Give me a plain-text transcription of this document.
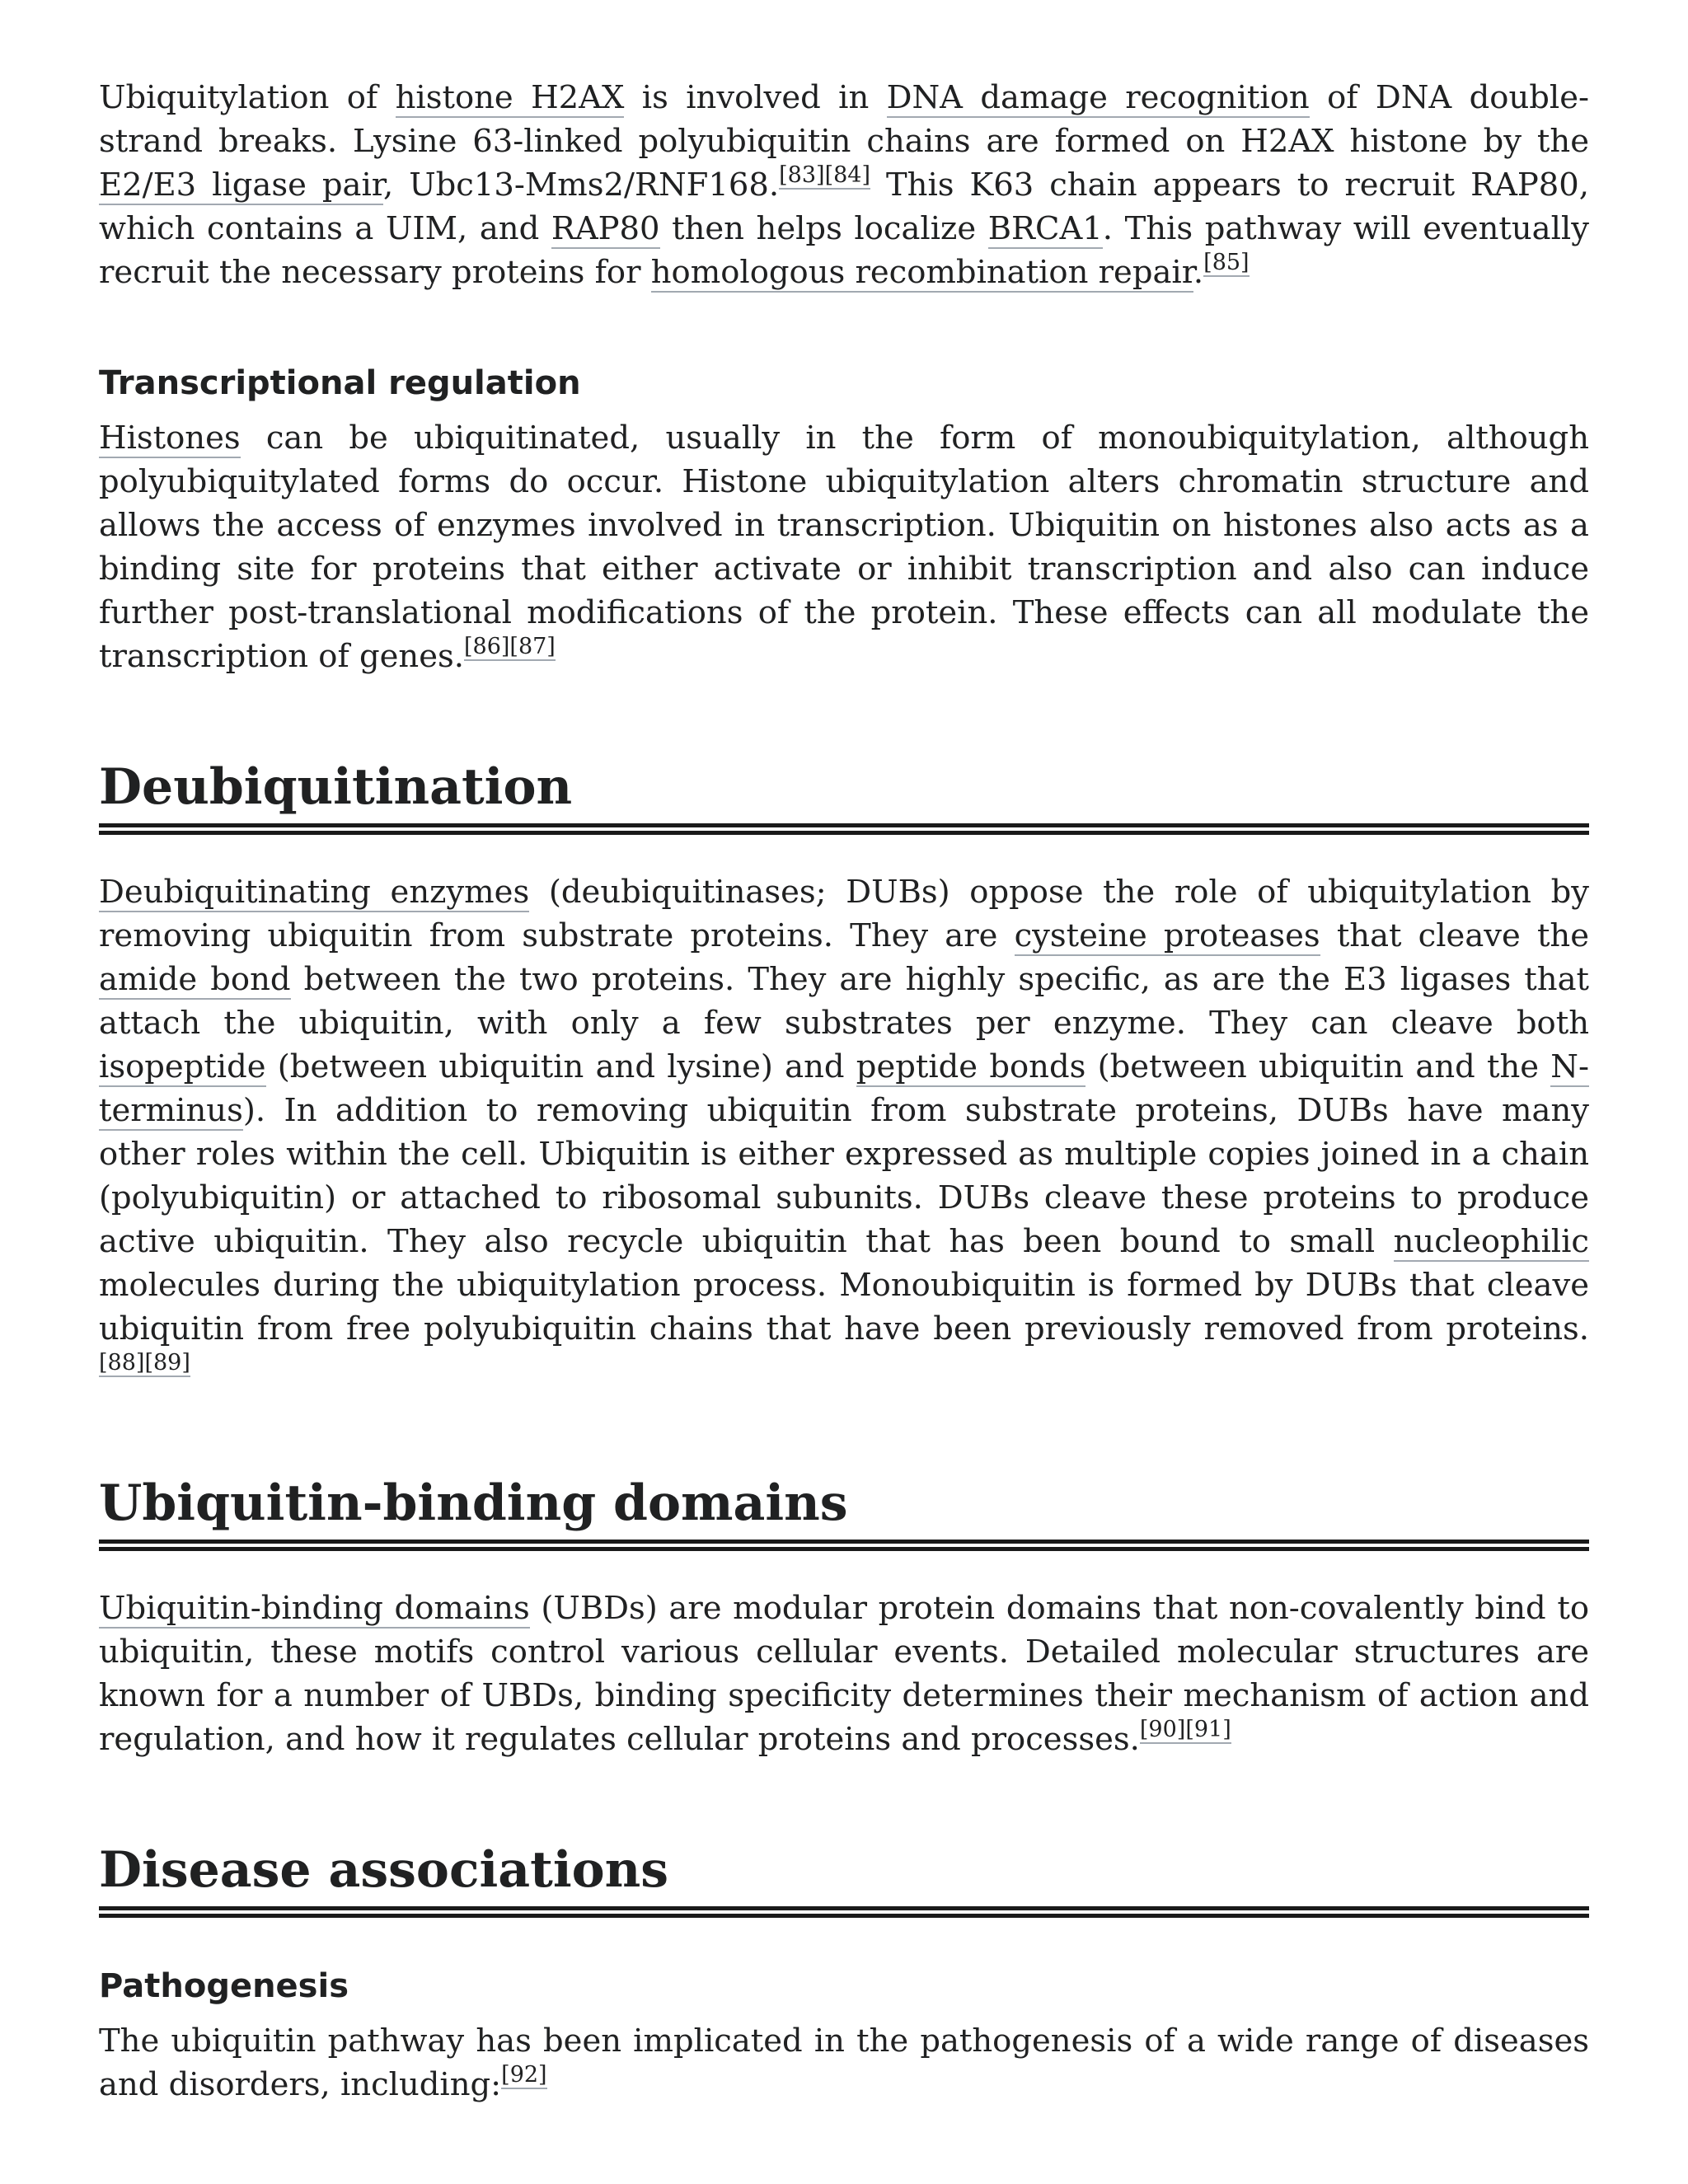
Ubiquitylation of histone H2AX is involved in DNA damage recognition of DNA double-strand breaks. Lysine 63-linked polyubiquitin chains are formed on H2AX histone by the E2/E3 ligase pair, Ubc13-Mms2/RNF168.[83][84] This K63 chain appears to recruit RAP80, which contains a UIM, and RAP80 then helps localize BRCA1. This pathway will eventually recruit the necessary proteins for homologous recombination repair.[85]

Transcriptional regulation

Histones can be ubiquitinated, usually in the form of monoubiquitylation, although polyubiquitylated forms do occur. Histone ubiquitylation alters chromatin structure and allows the access of enzymes involved in transcription. Ubiquitin on histones also acts as a binding site for proteins that either activate or inhibit transcription and also can induce further post-translational modifications of the protein. These effects can all modulate the transcription of genes.[86][87]

Deubiquitination

Deubiquitinating enzymes (deubiquitinases; DUBs) oppose the role of ubiquitylation by removing ubiquitin from substrate proteins. They are cysteine proteases that cleave the amide bond between the two proteins. They are highly specific, as are the E3 ligases that attach the ubiquitin, with only a few substrates per enzyme. They can cleave both isopeptide (between ubiquitin and lysine) and peptide bonds (between ubiquitin and the N-terminus). In addition to removing ubiquitin from substrate proteins, DUBs have many other roles within the cell. Ubiquitin is either expressed as multiple copies joined in a chain (polyubiquitin) or attached to ribosomal subunits. DUBs cleave these proteins to produce active ubiquitin. They also recycle ubiquitin that has been bound to small nucleophilic molecules during the ubiquitylation process. Monoubiquitin is formed by DUBs that cleave ubiquitin from free polyubiquitin chains that have been previously removed from proteins.[88][89]

Ubiquitin-binding domains

Ubiquitin-binding domains (UBDs) are modular protein domains that non-covalently bind to ubiquitin, these motifs control various cellular events. Detailed molecular structures are known for a number of UBDs, binding specificity determines their mechanism of action and regulation, and how it regulates cellular proteins and processes.[90][91]

Disease associations
Pathogenesis

The ubiquitin pathway has been implicated in the pathogenesis of a wide range of diseases and disorders, including:[92]
